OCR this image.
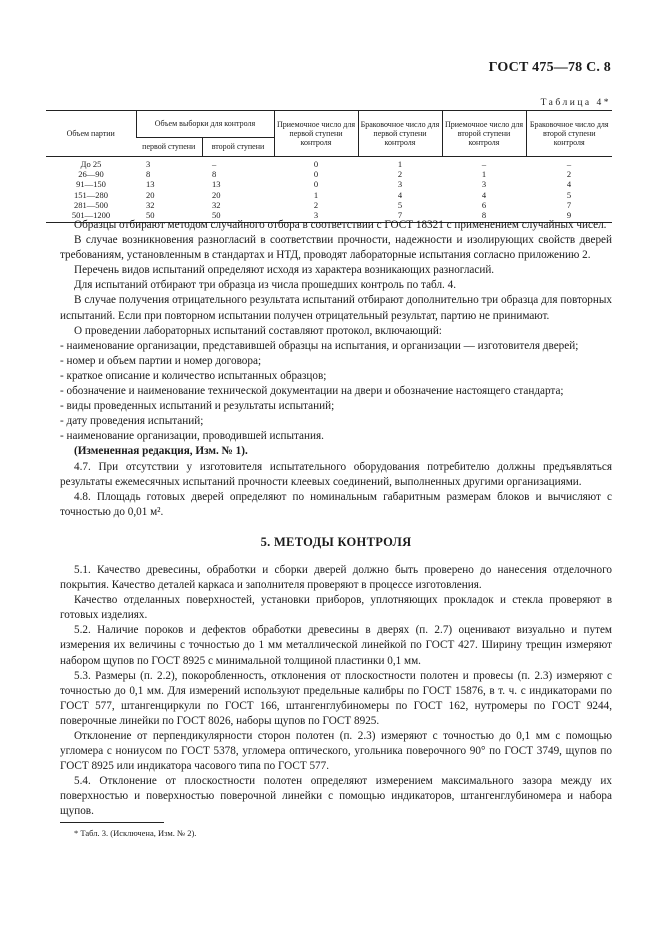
ГОСТ 475—78 С. 8
Таблица 4*
Объем партии	Объем выборки для контроля		Приемочное число для первой ступени контроля	Браковочное число для первой ступени контроля	Приемочное число для второй ступени контроля	Браковочное число для второй ступени контроля
	первой ступени	второй ступени				
До 25	3	–	0	1	–	–
26—90	8	8	0	2	1	2
91—150	13	13	0	3	3	4
151—280	20	20	1	4	4	5
281—500	32	32	2	5	6	7
501—1200	50	50	3	7	8	9

Образцы отбирают методом случайного отбора в соответствии с ГОСТ 18321 с применением случайных чисел.

В случае возникновения разногласий в соответствии прочности, надежности и изолирующих свойств дверей требованиям, установленным в стандартах и НТД, проводят лабораторные испытания согласно приложению 2.

Перечень видов испытаний определяют исходя из характера возникающих разногласий.

Для испытаний отбирают три образца из числа прошедших контроль по табл. 4.

В случае получения отрицательного результата испытаний отбирают дополнительно три образца для повторных испытаний. Если при повторном испытании получен отрицательный результат, партию не принимают.

О проведении лабораторных испытаний составляют протокол, включающий:

- наименование организации, представившей образцы на испытания, и организации — изготовителя дверей;

- номер и объем партии и номер договора;

- краткое описание и количество испытанных образцов;

- обозначение и наименование технической документации на двери и обозначение настоящего стандарта;

- виды проведенных испытаний и результаты испытаний;

- дату проведения испытаний;

- наименование организации, проводившей испытания.

(Измененная редакция, Изм. № 1).

4.7. При отсутствии у изготовителя испытательного оборудования потребителю должны предъявляться результаты ежемесячных испытаний прочности клеевых соединений, выполненных другими организациями.

4.8. Площадь готовых дверей определяют по номинальным габаритным размерам блоков и вычисляют с точностью до 0,01 м².

5. МЕТОДЫ КОНТРОЛЯ

5.1. Качество древесины, обработки и сборки дверей должно быть проверено до нанесения отделочного покрытия. Качество деталей каркаса и заполнителя проверяют в процессе изготовления.

Качество отделанных поверхностей, установки приборов, уплотняющих прокладок и стекла проверяют в готовых изделиях.

5.2. Наличие пороков и дефектов обработки древесины в дверях (п. 2.7) оценивают визуально и путем измерения их величины с точностью до 1 мм металлической линейкой по ГОСТ 427. Ширину трещин измеряют набором щупов по ГОСТ 8925 с минимальной толщиной пластинки 0,1 мм.

5.3. Размеры (п. 2.2), покоробленность, отклонения от плоскостности полотен и провесы (п. 2.3) измеряют с точностью до 0,1 мм. Для измерений используют предельные калибры по ГОСТ 15876, в т. ч. с индикаторами по ГОСТ 577, штангенциркули по ГОСТ 166, штангенглубиномеры по ГОСТ 162, нутромеры по ГОСТ 9244, поверочные линейки по ГОСТ 8026, наборы щупов по ГОСТ 8925.

Отклонение от перпендикулярности сторон полотен (п. 2.3) измеряют с точностью до 0,1 мм с помощью угломера с нониусом по ГОСТ 5378, угломера оптического, угольника поверочного 90° по ГОСТ 3749, щупов по ГОСТ 8925 или индикатора часового типа по ГОСТ 577.

5.4. Отклонение от плоскостности полотен определяют измерением максимального зазора между их поверхностью и поверхностью поверочной линейки с помощью индикаторов, штангенглубиномера и набора щупов.

* Табл. 3. (Исключена, Изм. № 2).
